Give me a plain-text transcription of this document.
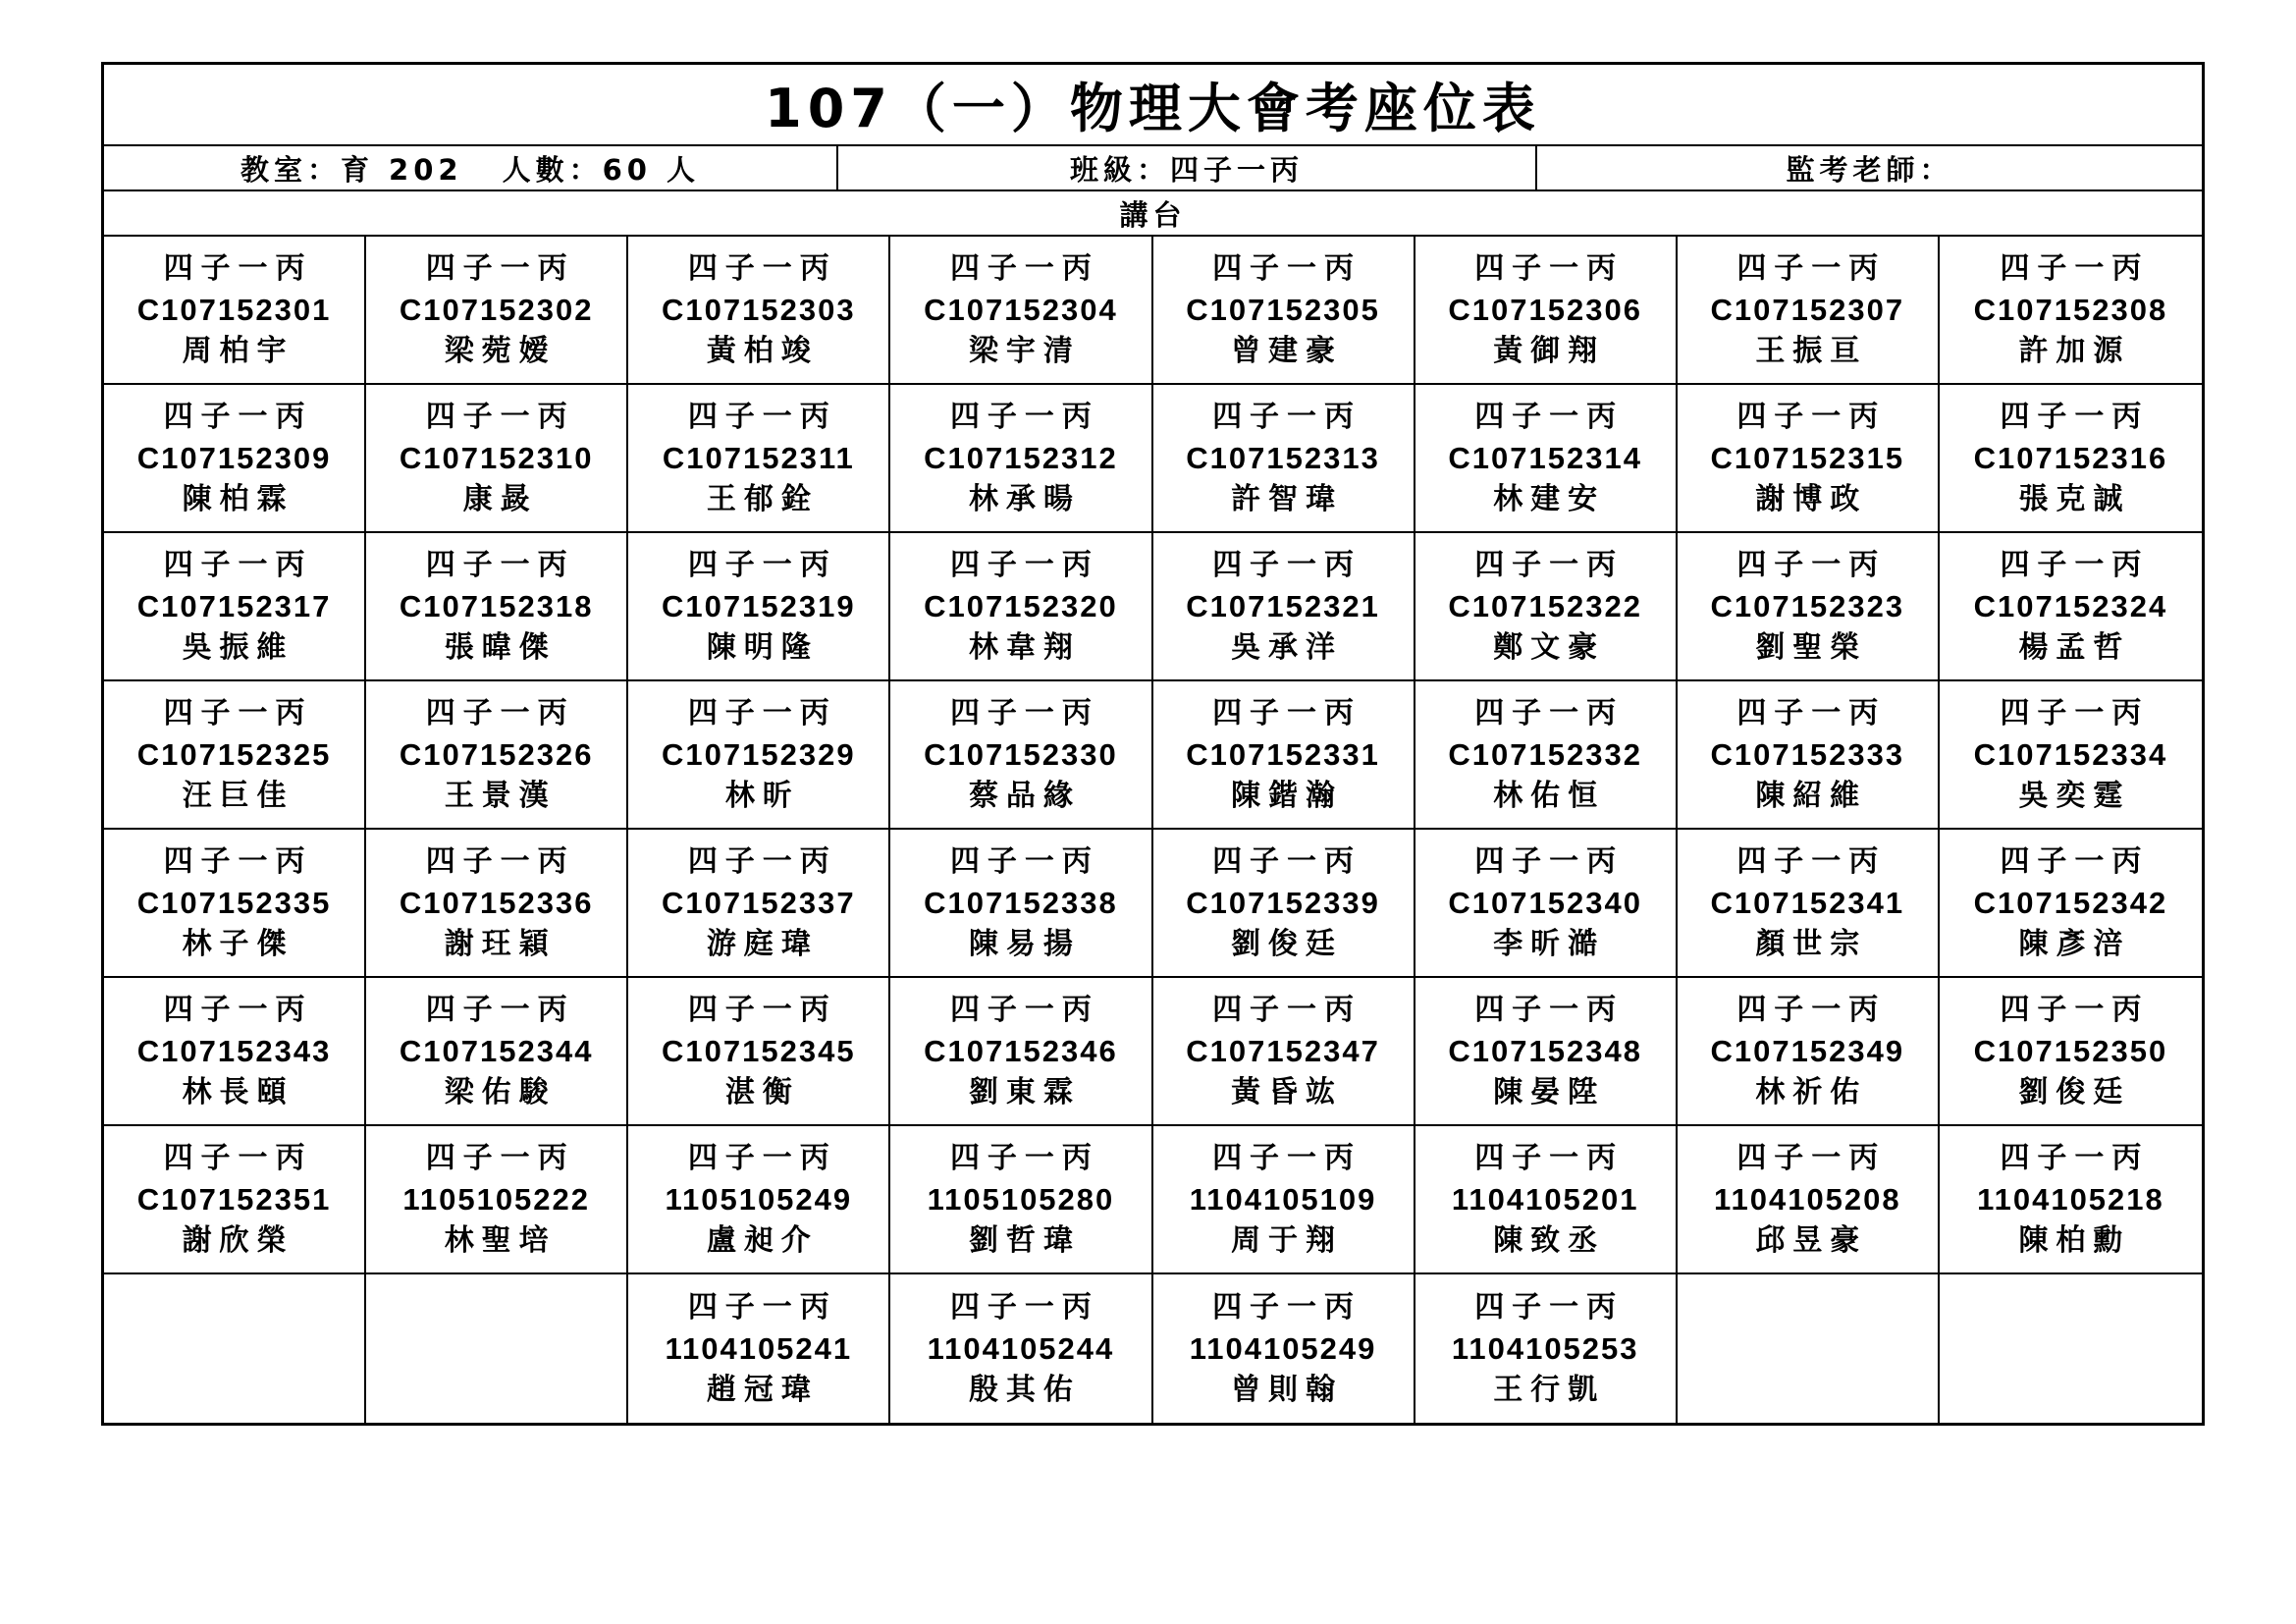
107（一）物理大會考座位表
教室：育 202 人數：60 人	班級：四子一丙	監考老師：
講台
四子一丙
C107152301
周柏宇
四子一丙
C107152302
梁菀嫒
四子一丙
C107152303
黃柏竣
四子一丙
C107152304
梁宇清
四子一丙
C107152305
曾建豪
四子一丙
C107152306
黃御翔
四子一丙
C107152307
王振亘
四子一丙
C107152308
許加源
四子一丙
C107152309
陳柏霖
四子一丙
C107152310
康晸
四子一丙
C107152311
王郁銓
四子一丙
C107152312
林承暘
四子一丙
C107152313
許智瑋
四子一丙
C107152314
林建安
四子一丙
C107152315
謝博政
四子一丙
C107152316
張克誠
四子一丙
C107152317
吳振維
四子一丙
C107152318
張暐傑
四子一丙
C107152319
陳明隆
四子一丙
C107152320
林韋翔
四子一丙
C107152321
吳承洋
四子一丙
C107152322
鄭文豪
四子一丙
C107152323
劉聖榮
四子一丙
C107152324
楊孟哲
四子一丙
C107152325
汪巨佳
四子一丙
C107152326
王景漢
四子一丙
C107152329
林昕
四子一丙
C107152330
蔡品緣
四子一丙
C107152331
陳鍇瀚
四子一丙
C107152332
林佑恒
四子一丙
C107152333
陳紹維
四子一丙
C107152334
吳奕霆
四子一丙
C107152335
林子傑
四子一丙
C107152336
謝玨穎
四子一丙
C107152337
游庭瑋
四子一丙
C107152338
陳易揚
四子一丙
C107152339
劉俊廷
四子一丙
C107152340
李昕澔
四子一丙
C107152341
顏世宗
四子一丙
C107152342
陳彥涪
四子一丙
C107152343
林長頤
四子一丙
C107152344
梁佑駿
四子一丙
C107152345
湛衡
四子一丙
C107152346
劉東霖
四子一丙
C107152347
黃昏竑
四子一丙
C107152348
陳晏陞
四子一丙
C107152349
林祈佑
四子一丙
C107152350
劉俊廷
四子一丙
C107152351
謝欣榮
四子一丙
1105105222
林聖培
四子一丙
1105105249
盧昶介
四子一丙
1105105280
劉哲瑋
四子一丙
1104105109
周于翔
四子一丙
1104105201
陳致丞
四子一丙
1104105208
邱昱豪
四子一丙
1104105218
陳柏勳
四子一丙
1104105241
趙冠瑋
四子一丙
1104105244
殷其佑
四子一丙
1104105249
曾則翰
四子一丙
1104105253
王行凱
